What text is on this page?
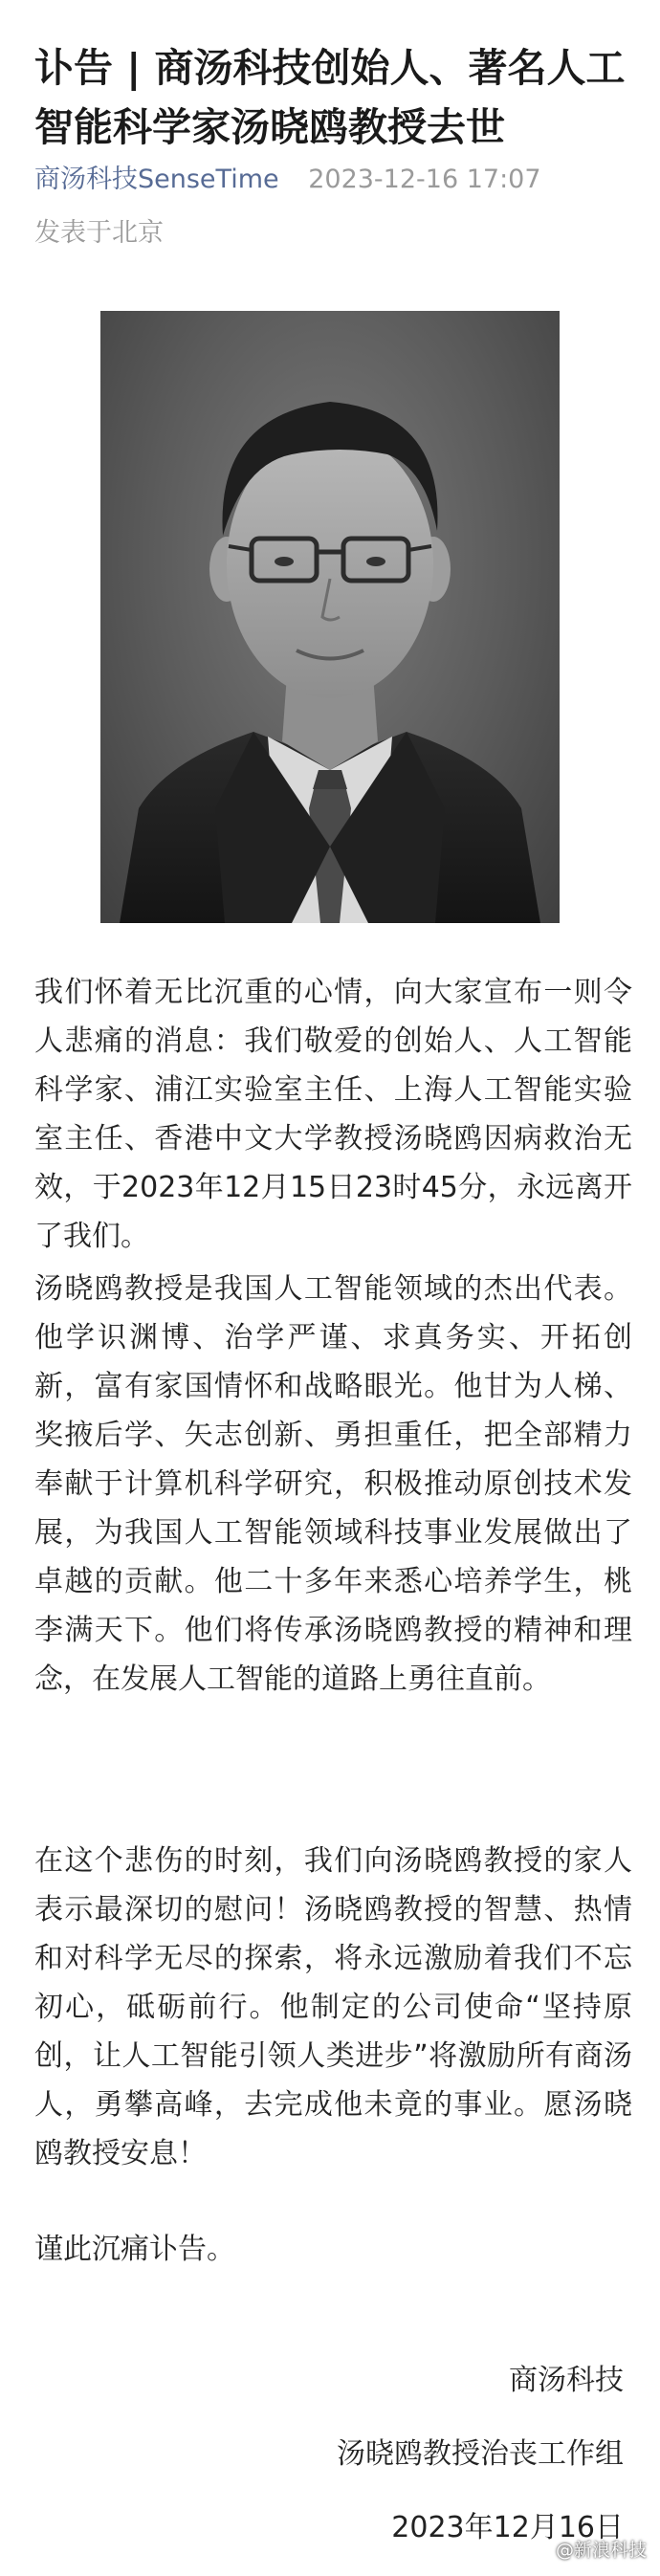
讣告 | 商汤科技创始人、著名人工智能科学家汤晓鸥教授去世
商汤科技SenseTime 2023-12-16 17:07
发表于北京

我们怀着无比沉重的心情，向大家宣布一则令人悲痛的消息：我们敬爱的创始人、人工智能科学家、浦江实验室主任、上海人工智能实验室主任、香港中文大学教授汤晓鸥因病救治无效，于2023年12月15日23时45分，永远离开了我们。

汤晓鸥教授是我国人工智能领域的杰出代表。他学识渊博、治学严谨、求真务实、开拓创新，富有家国情怀和战略眼光。他甘为人梯、奖掖后学、矢志创新、勇担重任，把全部精力奉献于计算机科学研究，积极推动原创技术发展，为我国人工智能领域科技事业发展做出了卓越的贡献。他二十多年来悉心培养学生，桃李满天下。他们将传承汤晓鸥教授的精神和理念，在发展人工智能的道路上勇往直前。

在这个悲伤的时刻，我们向汤晓鸥教授的家人表示最深切的慰问！汤晓鸥教授的智慧、热情和对科学无尽的探索，将永远激励着我们不忘初心，砥砺前行。他制定的公司使命“坚持原创，让人工智能引领人类进步”将激励所有商汤人，勇攀高峰，去完成他未竟的事业。愿汤晓鸥教授安息！

谨此沉痛讣告。

商汤科技
汤晓鸥教授治丧工作组
2023年12月16日
@新浪科技
